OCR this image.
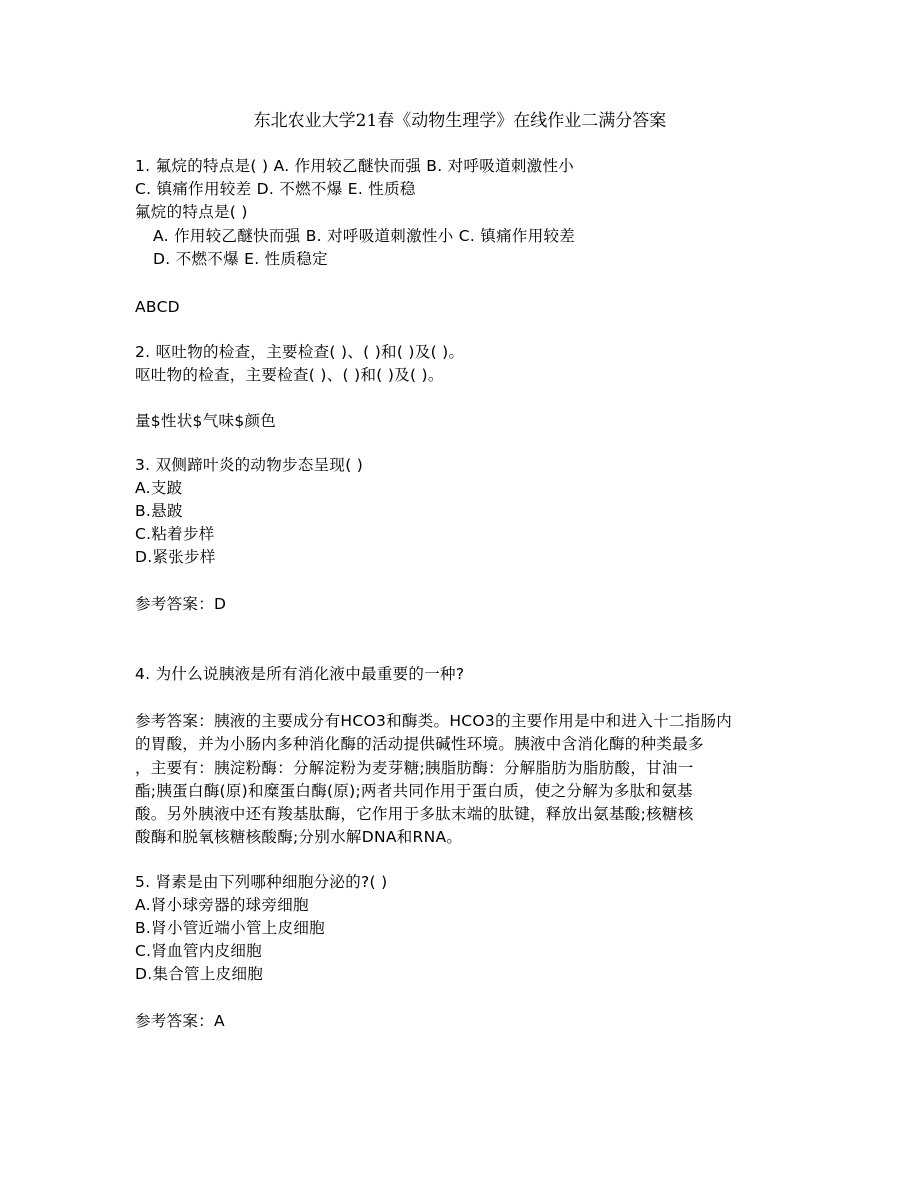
东北农业大学21春《动物生理学》在线作业二满分答案
1. 氟烷的特点是( ) A. 作用较乙醚快而强 B. 对呼吸道刺激性小
C. 镇痛作用较差 D. 不燃不爆 E. 性质稳
氟烷的特点是( )
A. 作用较乙醚快而强 B. 对呼吸道刺激性小 C. 镇痛作用较差
D. 不燃不爆 E. 性质稳定
ABCD
2. 呕吐物的检查，主要检查( )、( )和( )及( )。
呕吐物的检查，主要检查( )、( )和( )及( )。
量$性状$气味$颜色
3. 双侧蹄叶炎的动物步态呈现( )
A.支跛
B.悬跛
C.粘着步样
D.紧张步样
参考答案：D
4. 为什么说胰液是所有消化液中最重要的一种?
参考答案：胰液的主要成分有HCO3和酶类。HCO3的主要作用是中和进入十二指肠内
的胃酸，并为小肠内多种消化酶的活动提供碱性环境。胰液中含消化酶的种类最多
，主要有：胰淀粉酶：分解淀粉为麦芽糖;胰脂肪酶：分解脂肪为脂肪酸，甘油一
酯;胰蛋白酶(原)和糜蛋白酶(原);两者共同作用于蛋白质，使之分解为多肽和氨基
酸。另外胰液中还有羧基肽酶，它作用于多肽末端的肽键，释放出氨基酸;核糖核
酸酶和脱氧核糖核酸酶;分别水解DNA和RNA。
5. 肾素是由下列哪种细胞分泌的?( )
A.肾小球旁器的球旁细胞
B.肾小管近端小管上皮细胞
C.肾血管内皮细胞
D.集合管上皮细胞
参考答案：A
